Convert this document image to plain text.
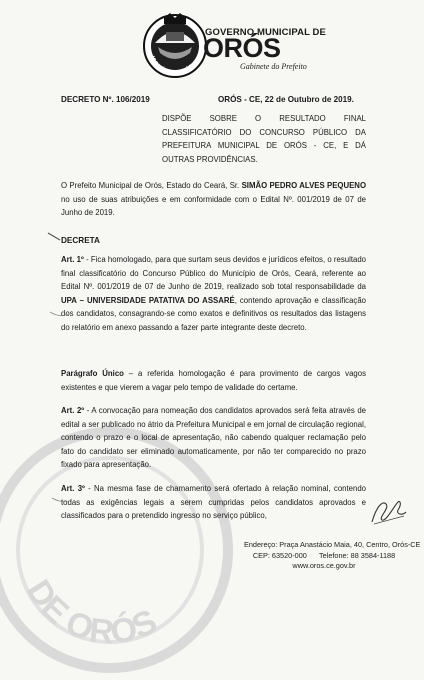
DE ORÓS
MUNICÍPIO DE ORÓS
GOVERNO MUNICIPAL DE
ORÓS
Gabinete do Prefeito
DECRETO Nº. 106/2019	ORÓS - CE, 22 de Outubro de 2019.
DISPÕE SOBRE O RESULTADO FINAL CLASSIFICATÓRIO DO CONCURSO PÚBLICO DA PREFEITURA MUNICIPAL DE ORÓS - CE, E DÁ OUTRAS PROVIDÊNCIAS.
O Prefeito Municipal de Orós, Estado do Ceará, Sr. SIMÃO PEDRO ALVES PEQUENO no uso de suas atribuições e em conformidade com o Edital Nº. 001/2019 de 07 de Junho de 2019.
DECRETA
Art. 1º - Fica homologado, para que surtam seus devidos e jurídicos efeitos, o resultado final classificatório do Concurso Público do Município de Orós, Ceará, referente ao Edital Nº. 001/2019 de 07 de Junho de 2019, realizado sob total responsabilidade da UPA – UNIVERSIDADE PATATIVA DO ASSARÉ, contendo aprovação e classificação dos candidatos, consagrando-se como exatos e definitivos os resultados das listagens do relatório em anexo passando a fazer parte integrante deste decreto.
Parágrafo Único – a referida homologação é para provimento de cargos vagos existentes e que vierem a vagar pelo tempo de validade do certame.
Art. 2º - A convocação para nomeação dos candidatos aprovados será feita através de edital a ser publicado no átrio da Prefeitura Municipal e em jornal de circulação regional, contendo o prazo e o local de apresentação, não cabendo qualquer reclamação pelo fato do candidato ser eliminado automaticamente, por não ter comparecido no prazo fixado para apresentação.
Art. 3º - Na mesma fase de chamamento será ofertado à relação nominal, contendo todas as exigências legais a serem cumpridas pelos candidatos aprovados e classificados para o pretendido ingresso no serviço público,
Endereço: Praça Anastácio Maia, 40, Centro, Orós-CE
CEP: 63520-000 Telefone: 88 3584-1188
www.oros.ce.gov.br
